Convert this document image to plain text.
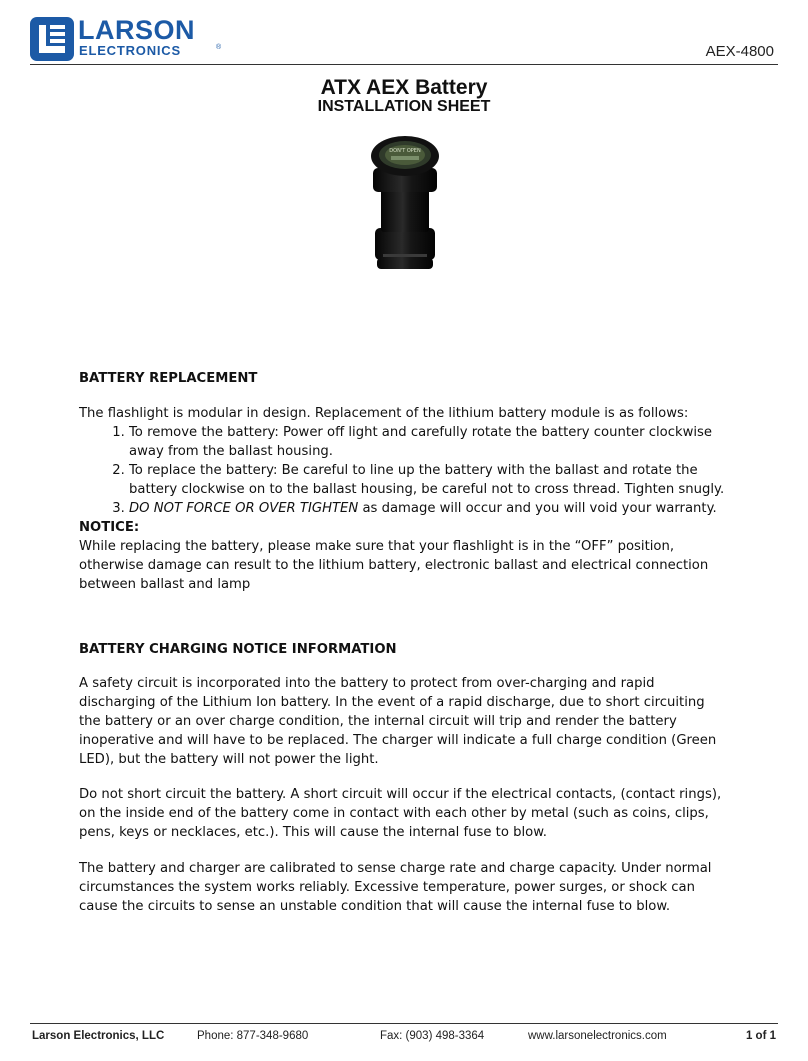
LARSON
ELECTRONICS	®	AEX-4800
ATX AEX Battery
INSTALLATION SHEET
DON'T OPEN
BATTERY REPLACEMENT

The flashlight is modular in design. Replacement of the lithium battery module is as follows:

1. To remove the battery: Power off light and carefully rotate the battery counter clockwise away from the ballast housing.
2. To replace the battery: Be careful to line up the battery with the ballast and rotate the battery clockwise on to the ballast housing, be careful not to cross thread. Tighten snugly.
3. DO NOT FORCE OR OVER TIGHTEN as damage will occur and you will void your warranty.

NOTICE:

While replacing the battery, please make sure that your flashlight is in the “OFF” position, otherwise damage can result to the lithium battery, electronic ballast and electrical connection between ballast and lamp

BATTERY CHARGING NOTICE INFORMATION

A safety circuit is incorporated into the battery to protect from over-charging and rapid discharging of the Lithium Ion battery. In the event of a rapid discharge, due to short circuiting the battery or an over charge condition, the internal circuit will trip and render the battery inoperative and will have to be replaced. The charger will indicate a full charge condition (Green LED), but the battery will not power the light.

Do not short circuit the battery. A short circuit will occur if the electrical contacts, (contact rings), on the inside end of the battery come in contact with each other by metal (such as coins, clips, pens, keys or necklaces, etc.). This will cause the internal fuse to blow.

The battery and charger are calibrated to sense charge rate and charge capacity. Under normal circumstances the system works reliably. Excessive temperature, power surges, or shock can cause the circuits to sense an unstable condition that will cause the internal fuse to blow.

Larson Electronics, LLC	Phone: 877-348-9680	Fax: (903) 498-3364	www.larsonelectronics.com	1 of 1
